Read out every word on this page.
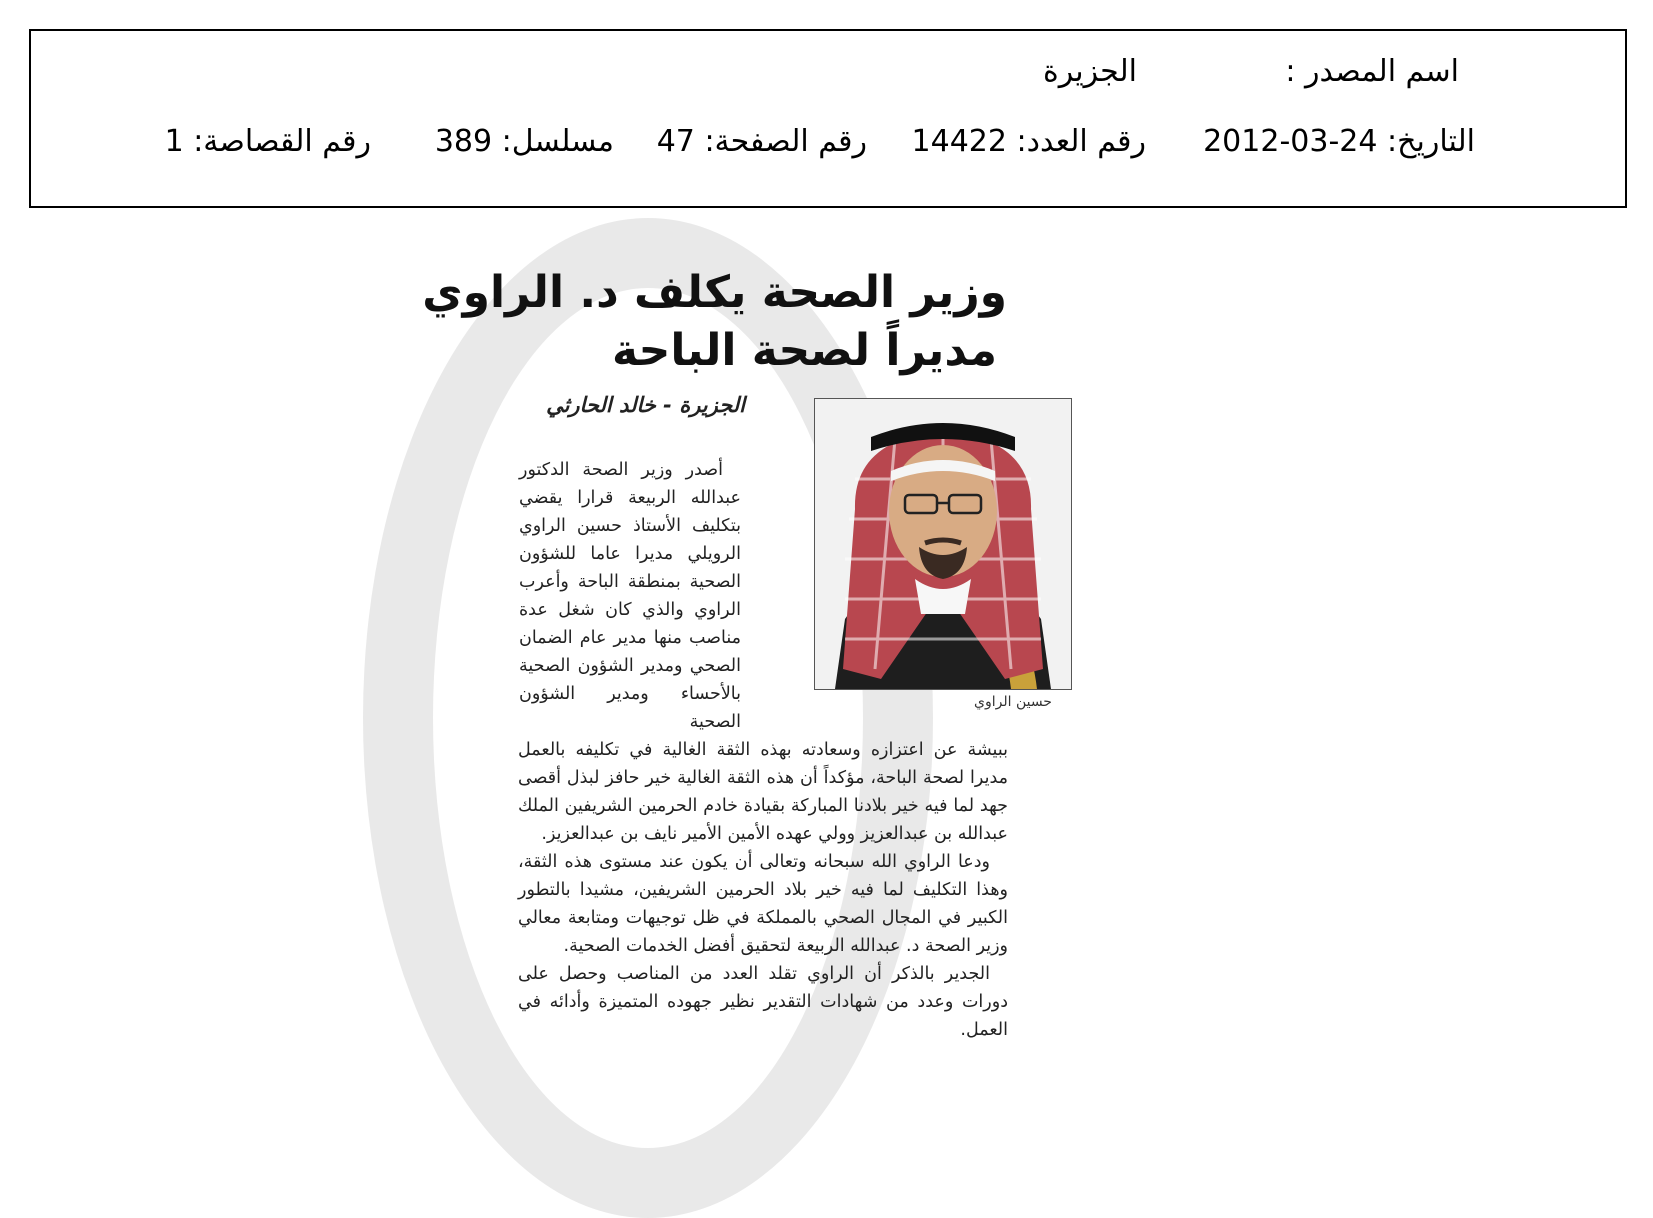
اسم المصدر :
الجزيرة
التاريخ: 24-03-2012
رقم العدد: 14422
رقم الصفحة: 47
مسلسل: 389
رقم القصاصة: 1
وزير الصحة يكلف د. الراوي
مديراً لصحة الباحة
الجزيرة - خالد الحارثي
حسين الراوي

أصدر وزير الصحة الدكتور عبدالله الربيعة قرارا يقضي بتكليف الأستاذ حسين الراوي الرويلي مديرا عاما للشؤون الصحية بمنطقة الباحة وأعرب الراوي والذي كان شغل عدة مناصب منها مدير عام الضمان الصحي ومدير الشؤون الصحية بالأحساء ومدير الشؤون الصحية

ببيشة عن اعتزازه وسعادته بهذه الثقة الغالية في تكليفه بالعمل مديرا لصحة الباحة، مؤكداً أن هذه الثقة الغالية خير حافز لبذل أقصى جهد لما فيه خير بلادنا المباركة بقيادة خادم الحرمين الشريفين الملك عبدالله بن عبدالعزيز وولي عهده الأمين الأمير نايف بن عبدالعزيز.

ودعا الراوي الله سبحانه وتعالى أن يكون عند مستوى هذه الثقة، وهذا التكليف لما فيه خير بلاد الحرمين الشريفين، مشيدا بالتطور الكبير في المجال الصحي بالمملكة في ظل توجيهات ومتابعة معالي وزير الصحة د. عبدالله الربيعة لتحقيق أفضل الخدمات الصحية.

الجدير بالذكر أن الراوي تقلد العدد من المناصب وحصل على دورات وعدد من شهادات التقدير نظير جهوده المتميزة وأدائه في العمل.
